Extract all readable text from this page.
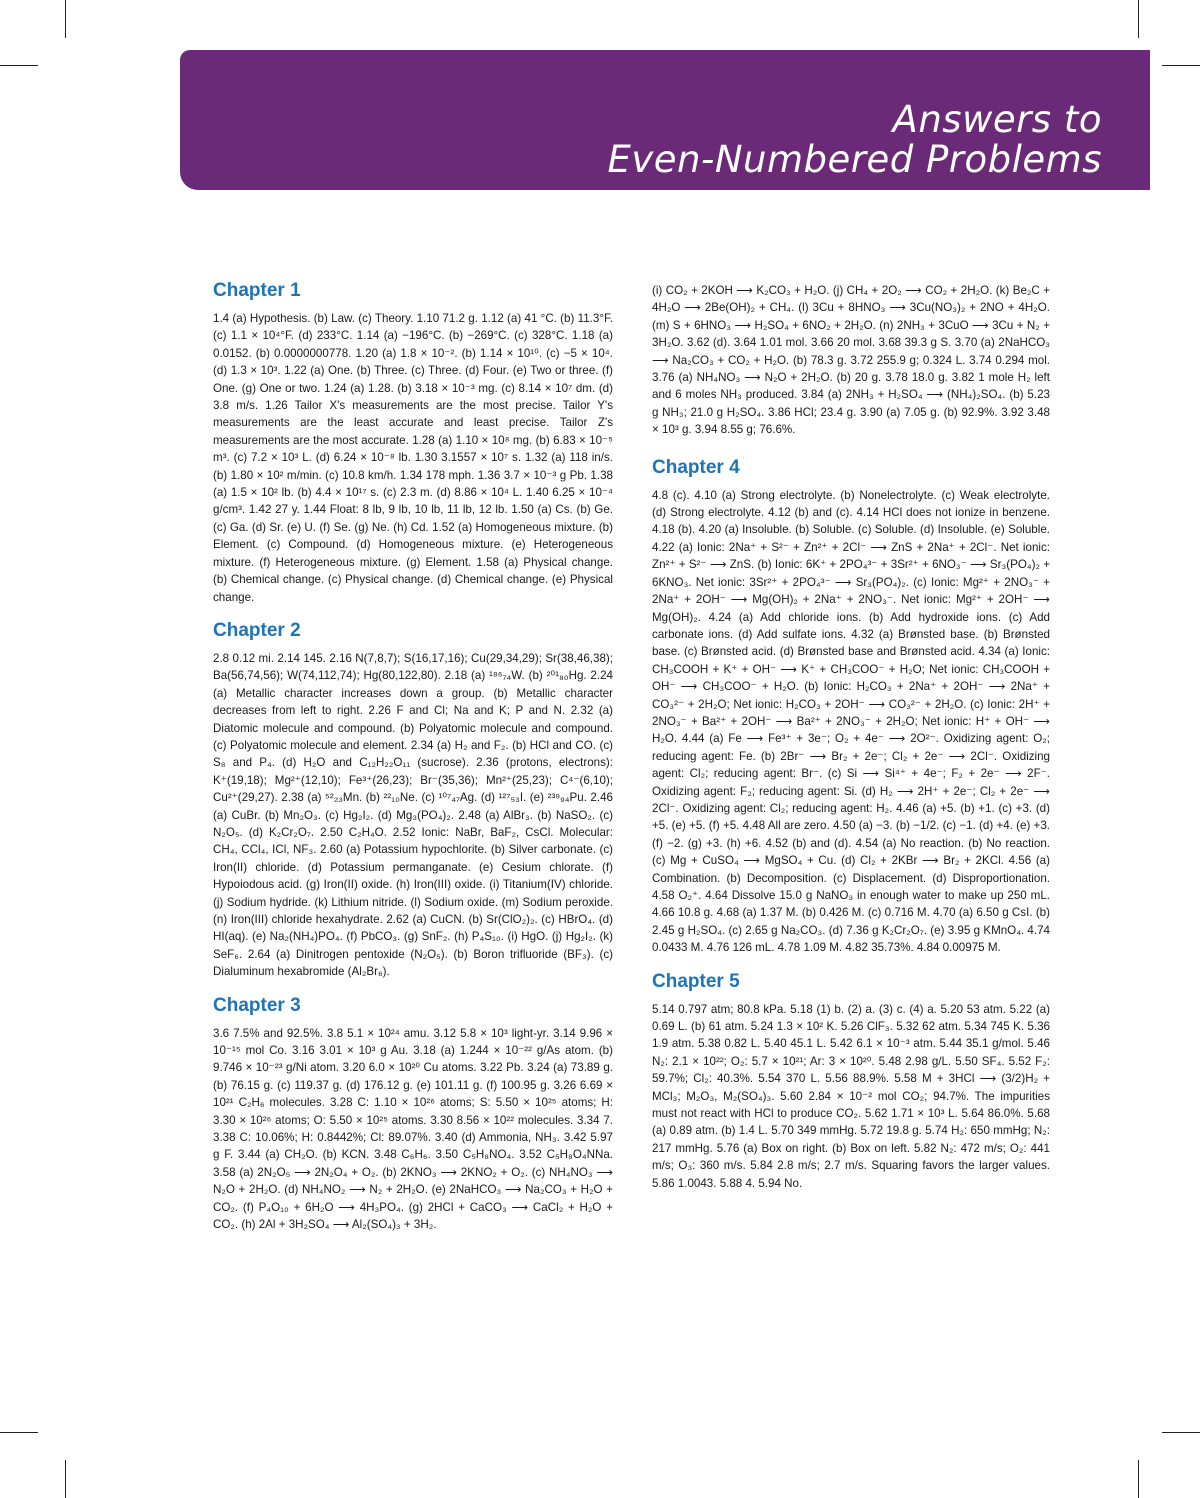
Answers to
Even-Numbered Problems
Chapter 1

1.4 (a) Hypothesis. (b) Law. (c) Theory. 1.10 71.2 g. 1.12 (a) 41 °C. (b) 11.3°F. (c) 1.1 × 10⁴°F. (d) 233°C. 1.14 (a) −196°C. (b) −269°C. (c) 328°C. 1.18 (a) 0.0152. (b) 0.0000000778. 1.20 (a) 1.8 × 10⁻². (b) 1.14 × 10¹⁰. (c) −5 × 10⁴. (d) 1.3 × 10³. 1.22 (a) One. (b) Three. (c) Three. (d) Four. (e) Two or three. (f) One. (g) One or two. 1.24 (a) 1.28. (b) 3.18 × 10⁻³ mg. (c) 8.14 × 10⁷ dm. (d) 3.8 m/s. 1.26 Tailor X's measurements are the most precise. Tailor Y's measurements are the least accurate and least precise. Tailor Z's measurements are the most accurate. 1.28 (a) 1.10 × 10⁸ mg. (b) 6.83 × 10⁻⁵ m³. (c) 7.2 × 10³ L. (d) 6.24 × 10⁻⁸ lb. 1.30 3.1557 × 10⁷ s. 1.32 (a) 118 in/s. (b) 1.80 × 10² m/min. (c) 10.8 km/h. 1.34 178 mph. 1.36 3.7 × 10⁻³ g Pb. 1.38 (a) 1.5 × 10² lb. (b) 4.4 × 10¹⁷ s. (c) 2.3 m. (d) 8.86 × 10⁴ L. 1.40 6.25 × 10⁻⁴ g/cm³. 1.42 27 y. 1.44 Float: 8 lb, 9 lb, 10 lb, 11 lb, 12 lb. 1.50 (a) Cs. (b) Ge. (c) Ga. (d) Sr. (e) U. (f) Se. (g) Ne. (h) Cd. 1.52 (a) Homogeneous mixture. (b) Element. (c) Compound. (d) Homogeneous mixture. (e) Heterogeneous mixture. (f) Heterogeneous mixture. (g) Element. 1.58 (a) Physical change. (b) Chemical change. (c) Physical change. (d) Chemical change. (e) Physical change.

Chapter 2

2.8 0.12 mi. 2.14 145. 2.16 N(7,8,7); S(16,17,16); Cu(29,34,29); Sr(38,46,38); Ba(56,74,56); W(74,112,74); Hg(80,122,80). 2.18 (a) ¹⁸⁶₇₄W. (b) ²⁰¹₈₀Hg. 2.24 (a) Metallic character increases down a group. (b) Metallic character decreases from left to right. 2.26 F and Cl; Na and K; P and N. 2.32 (a) Diatomic molecule and compound. (b) Polyatomic molecule and compound. (c) Polyatomic molecule and element. 2.34 (a) H₂ and F₂. (b) HCl and CO. (c) S₈ and P₄. (d) H₂O and C₁₂H₂₂O₁₁ (sucrose). 2.36 (protons, electrons): K⁺(19,18); Mg²⁺(12,10); Fe³⁺(26,23); Br⁻(35,36); Mn²⁺(25,23); C⁴⁻(6,10); Cu²⁺(29,27). 2.38 (a) ⁵²₂₃Mn. (b) ²²₁₀Ne. (c) ¹⁰⁷₄₇Ag. (d) ¹²⁷₅₃I. (e) ²³⁹₉₄Pu. 2.46 (a) CuBr. (b) Mn₂O₃. (c) Hg₂I₂. (d) Mg₃(PO₄)₂. 2.48 (a) AlBr₃. (b) NaSO₂. (c) N₂O₅. (d) K₂Cr₂O₇. 2.50 C₂H₄O. 2.52 Ionic: NaBr, BaF₂, CsCl. Molecular: CH₄, CCl₄, ICl, NF₃. 2.60 (a) Potassium hypochlorite. (b) Silver carbonate. (c) Iron(II) chloride. (d) Potassium permanganate. (e) Cesium chlorate. (f) Hypoiodous acid. (g) Iron(II) oxide. (h) Iron(III) oxide. (i) Titanium(IV) chloride. (j) Sodium hydride. (k) Lithium nitride. (l) Sodium oxide. (m) Sodium peroxide. (n) Iron(III) chloride hexahydrate. 2.62 (a) CuCN. (b) Sr(ClO₂)₂. (c) HBrO₄. (d) HI(aq). (e) Na₂(NH₄)PO₄. (f) PbCO₃. (g) SnF₂. (h) P₄S₁₀. (i) HgO. (j) Hg₂I₂. (k) SeF₆. 2.64 (a) Dinitrogen pentoxide (N₂O₅). (b) Boron trifluoride (BF₃). (c) Dialuminum hexabromide (Al₂Br₆).

Chapter 3

3.6 7.5% and 92.5%. 3.8 5.1 × 10²⁴ amu. 3.12 5.8 × 10³ light-yr. 3.14 9.96 × 10⁻¹⁵ mol Co. 3.16 3.01 × 10³ g Au. 3.18 (a) 1.244 × 10⁻²² g/As atom. (b) 9.746 × 10⁻²³ g/Ni atom. 3.20 6.0 × 10²⁰ Cu atoms. 3.22 Pb. 3.24 (a) 73.89 g. (b) 76.15 g. (c) 119.37 g. (d) 176.12 g. (e) 101.11 g. (f) 100.95 g. 3.26 6.69 × 10²¹ C₂H₆ molecules. 3.28 C: 1.10 × 10²⁶ atoms; S: 5.50 × 10²⁵ atoms; H: 3.30 × 10²⁶ atoms; O: 5.50 × 10²⁵ atoms. 3.30 8.56 × 10²² molecules. 3.34 7. 3.38 C: 10.06%; H: 0.8442%; Cl: 89.07%. 3.40 (d) Ammonia, NH₃. 3.42 5.97 g F. 3.44 (a) CH₂O. (b) KCN. 3.48 C₆H₆. 3.50 C₅H₈NO₄. 3.52 C₅H₈O₄NNa. 3.58 (a) 2N₂O₅ ⟶ 2N₂O₄ + O₂. (b) 2KNO₃ ⟶ 2KNO₂ + O₂. (c) NH₄NO₃ ⟶ N₂O + 2H₂O. (d) NH₄NO₂ ⟶ N₂ + 2H₂O. (e) 2NaHCO₃ ⟶ Na₂CO₃ + H₂O + CO₂. (f) P₄O₁₀ + 6H₂O ⟶ 4H₃PO₄. (g) 2HCl + CaCO₃ ⟶ CaCl₂ + H₂O + CO₂. (h) 2Al + 3H₂SO₄ ⟶ Al₂(SO₄)₃ + 3H₂.

(i) CO₂ + 2KOH ⟶ K₂CO₃ + H₂O. (j) CH₄ + 2O₂ ⟶ CO₂ + 2H₂O. (k) Be₂C + 4H₂O ⟶ 2Be(OH)₂ + CH₄. (l) 3Cu + 8HNO₃ ⟶ 3Cu(NO₃)₂ + 2NO + 4H₂O. (m) S + 6HNO₃ ⟶ H₂SO₄ + 6NO₂ + 2H₂O. (n) 2NH₃ + 3CuO ⟶ 3Cu + N₂ + 3H₂O. 3.62 (d). 3.64 1.01 mol. 3.66 20 mol. 3.68 39.3 g S. 3.70 (a) 2NaHCO₃ ⟶ Na₂CO₃ + CO₂ + H₂O. (b) 78.3 g. 3.72 255.9 g; 0.324 L. 3.74 0.294 mol. 3.76 (a) NH₄NO₃ ⟶ N₂O + 2H₂O. (b) 20 g. 3.78 18.0 g. 3.82 1 mole H₂ left and 6 moles NH₃ produced. 3.84 (a) 2NH₃ + H₂SO₄ ⟶ (NH₄)₂SO₄. (b) 5.23 g NH₃; 21.0 g H₂SO₄. 3.86 HCl; 23.4 g. 3.90 (a) 7.05 g. (b) 92.9%. 3.92 3.48 × 10³ g. 3.94 8.55 g; 76.6%.

Chapter 4

4.8 (c). 4.10 (a) Strong electrolyte. (b) Nonelectrolyte. (c) Weak electrolyte. (d) Strong electrolyte. 4.12 (b) and (c). 4.14 HCl does not ionize in benzene. 4.18 (b). 4.20 (a) Insoluble. (b) Soluble. (c) Soluble. (d) Insoluble. (e) Soluble. 4.22 (a) Ionic: 2Na⁺ + S²⁻ + Zn²⁺ + 2Cl⁻ ⟶ ZnS + 2Na⁺ + 2Cl⁻. Net ionic: Zn²⁺ + S²⁻ ⟶ ZnS. (b) Ionic: 6K⁺ + 2PO₄³⁻ + 3Sr²⁺ + 6NO₃⁻ ⟶ Sr₃(PO₄)₂ + 6KNO₃. Net ionic: 3Sr²⁺ + 2PO₄³⁻ ⟶ Sr₃(PO₄)₂. (c) Ionic: Mg²⁺ + 2NO₃⁻ + 2Na⁺ + 2OH⁻ ⟶ Mg(OH)₂ + 2Na⁺ + 2NO₃⁻. Net ionic: Mg²⁺ + 2OH⁻ ⟶ Mg(OH)₂. 4.24 (a) Add chloride ions. (b) Add hydroxide ions. (c) Add carbonate ions. (d) Add sulfate ions. 4.32 (a) Brønsted base. (b) Brønsted base. (c) Brønsted acid. (d) Brønsted base and Brønsted acid. 4.34 (a) Ionic: CH₃COOH + K⁺ + OH⁻ ⟶ K⁺ + CH₃COO⁻ + H₂O; Net ionic: CH₃COOH + OH⁻ ⟶ CH₃COO⁻ + H₂O. (b) Ionic: H₂CO₃ + 2Na⁺ + 2OH⁻ ⟶ 2Na⁺ + CO₃²⁻ + 2H₂O; Net ionic: H₂CO₃ + 2OH⁻ ⟶ CO₃²⁻ + 2H₂O. (c) Ionic: 2H⁺ + 2NO₃⁻ + Ba²⁺ + 2OH⁻ ⟶ Ba²⁺ + 2NO₃⁻ + 2H₂O; Net ionic: H⁺ + OH⁻ ⟶ H₂O. 4.44 (a) Fe ⟶ Fe³⁺ + 3e⁻; O₂ + 4e⁻ ⟶ 2O²⁻. Oxidizing agent: O₂; reducing agent: Fe. (b) 2Br⁻ ⟶ Br₂ + 2e⁻; Cl₂ + 2e⁻ ⟶ 2Cl⁻. Oxidizing agent: Cl₂; reducing agent: Br⁻. (c) Si ⟶ Si⁴⁺ + 4e⁻; F₂ + 2e⁻ ⟶ 2F⁻. Oxidizing agent: F₂; reducing agent: Si. (d) H₂ ⟶ 2H⁺ + 2e⁻; Cl₂ + 2e⁻ ⟶ 2Cl⁻. Oxidizing agent: Cl₂; reducing agent: H₂. 4.46 (a) +5. (b) +1. (c) +3. (d) +5. (e) +5. (f) +5. 4.48 All are zero. 4.50 (a) −3. (b) −1/2. (c) −1. (d) +4. (e) +3. (f) −2. (g) +3. (h) +6. 4.52 (b) and (d). 4.54 (a) No reaction. (b) No reaction. (c) Mg + CuSO₄ ⟶ MgSO₄ + Cu. (d) Cl₂ + 2KBr ⟶ Br₂ + 2KCl. 4.56 (a) Combination. (b) Decomposition. (c) Displacement. (d) Disproportionation. 4.58 O₂⁺. 4.64 Dissolve 15.0 g NaNO₃ in enough water to make up 250 mL. 4.66 10.8 g. 4.68 (a) 1.37 M. (b) 0.426 M. (c) 0.716 M. 4.70 (a) 6.50 g CsI. (b) 2.45 g H₂SO₄. (c) 2.65 g Na₂CO₃. (d) 7.36 g K₂Cr₂O₇. (e) 3.95 g KMnO₄. 4.74 0.0433 M. 4.76 126 mL. 4.78 1.09 M. 4.82 35.73%. 4.84 0.00975 M.

Chapter 5

5.14 0.797 atm; 80.8 kPa. 5.18 (1) b. (2) a. (3) c. (4) a. 5.20 53 atm. 5.22 (a) 0.69 L. (b) 61 atm. 5.24 1.3 × 10² K. 5.26 ClF₃. 5.32 62 atm. 5.34 745 K. 5.36 1.9 atm. 5.38 0.82 L. 5.40 45.1 L. 5.42 6.1 × 10⁻³ atm. 5.44 35.1 g/mol. 5.46 N₂: 2.1 × 10²²; O₂: 5.7 × 10²¹; Ar: 3 × 10²⁰. 5.48 2.98 g/L. 5.50 SF₄. 5.52 F₂: 59.7%; Cl₂: 40.3%. 5.54 370 L. 5.56 88.9%. 5.58 M + 3HCl ⟶ (3/2)H₂ + MCl₃; M₂O₃, M₂(SO₄)₃. 5.60 2.84 × 10⁻² mol CO₂; 94.7%. The impurities must not react with HCl to produce CO₂. 5.62 1.71 × 10³ L. 5.64 86.0%. 5.68 (a) 0.89 atm. (b) 1.4 L. 5.70 349 mmHg. 5.72 19.8 g. 5.74 H₂: 650 mmHg; N₂: 217 mmHg. 5.76 (a) Box on right. (b) Box on left. 5.82 N₂: 472 m/s; O₂: 441 m/s; O₃: 360 m/s. 5.84 2.8 m/s; 2.7 m/s. Squaring favors the larger values. 5.86 1.0043. 5.88 4. 5.94 No.
